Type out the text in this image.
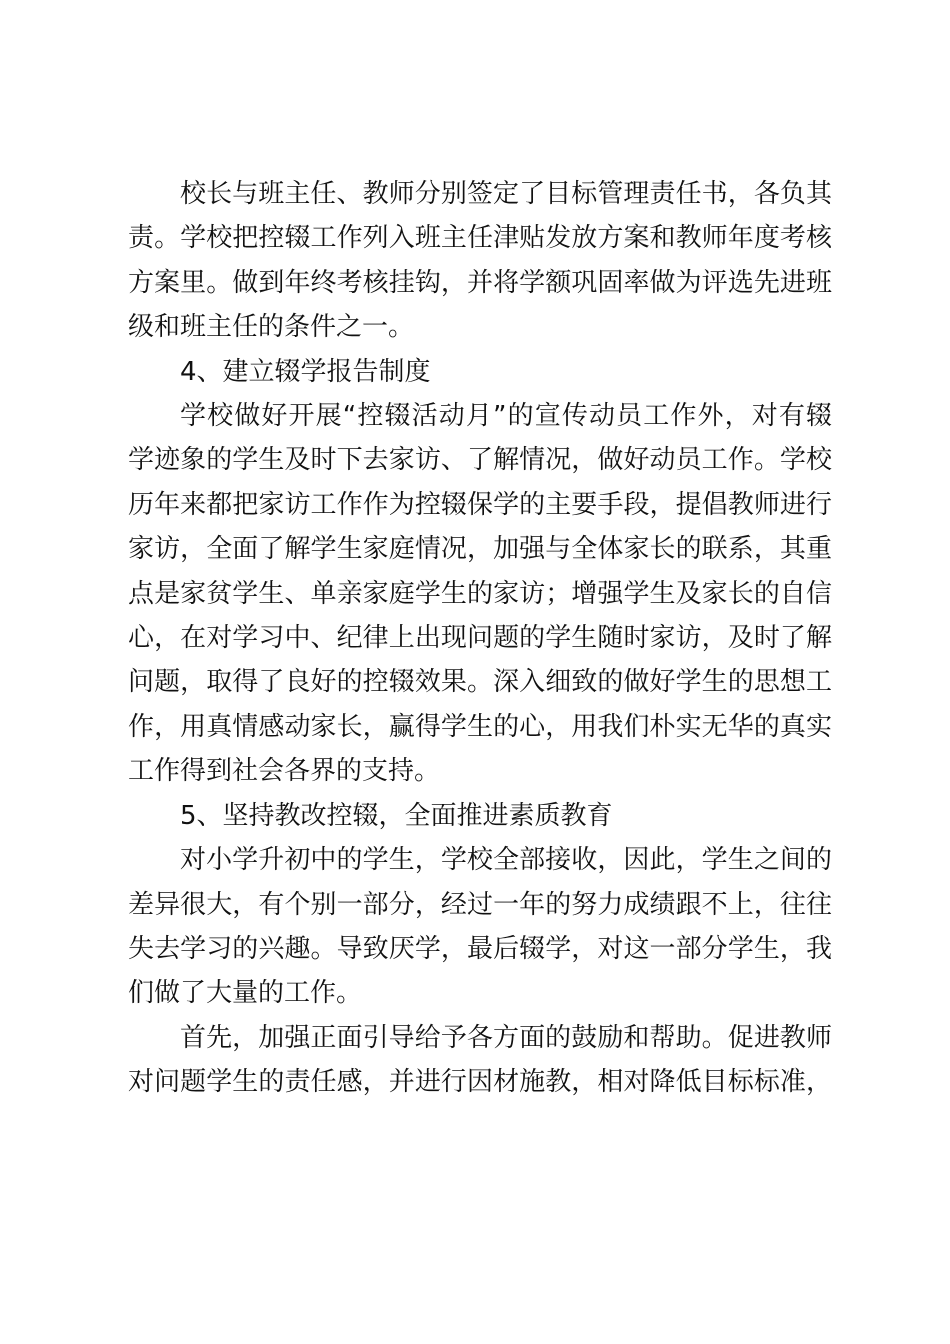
校长与班主任、教师分别签定了目标管理责任书，各负其
责。学校把控辍工作列入班主任津贴发放方案和教师年度考核
方案里。做到年终考核挂钩，并将学额巩固率做为评选先进班
级和班主任的条件之一。
4、建立辍学报告制度
学校做好开展“控辍活动月”的宣传动员工作外，对有辍
学迹象的学生及时下去家访、了解情况，做好动员工作。学校
历年来都把家访工作作为控辍保学的主要手段，提倡教师进行
家访，全面了解学生家庭情况，加强与全体家长的联系，其重
点是家贫学生、单亲家庭学生的家访；增强学生及家长的自信
心，在对学习中、纪律上出现问题的学生随时家访，及时了解
问题，取得了良好的控辍效果。深入细致的做好学生的思想工
作，用真情感动家长，赢得学生的心，用我们朴实无华的真实
工作得到社会各界的支持。
5、坚持教改控辍，全面推进素质教育
对小学升初中的学生，学校全部接收，因此，学生之间的
差异很大，有个别一部分，经过一年的努力成绩跟不上，往往
失去学习的兴趣。导致厌学，最后辍学，对这一部分学生，我
们做了大量的工作。
首先，加强正面引导给予各方面的鼓励和帮助。促进教师
对问题学生的责任感，并进行因材施教，相对降低目标标准，
